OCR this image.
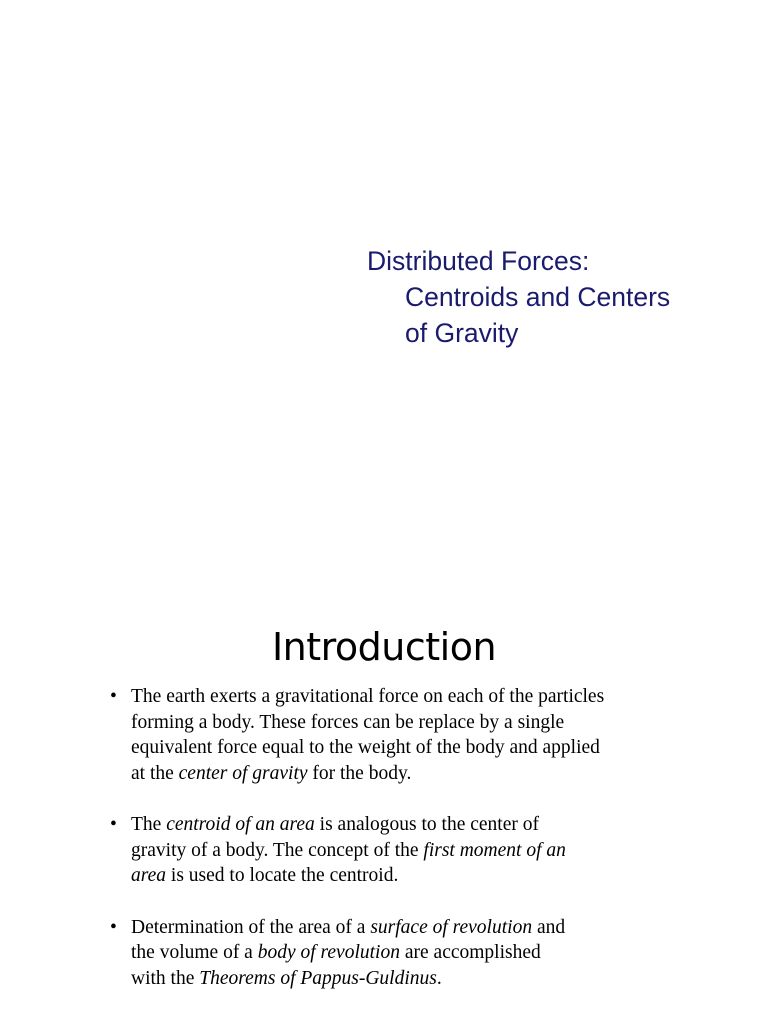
Distributed Forces:
Centroids and Centers
of Gravity
Introduction
• The earth exerts a gravitational force on each of the particles
forming a body. These forces can be replace by a single
equivalent force equal to the weight of the body and applied
at the center of gravity for the body.
• The centroid of an area is analogous to the center of
gravity of a body. The concept of the first moment of an
area is used to locate the centroid.
• Determination of the area of a surface of revolution and
the volume of a body of revolution are accomplished
with the Theorems of Pappus-Guldinus.
